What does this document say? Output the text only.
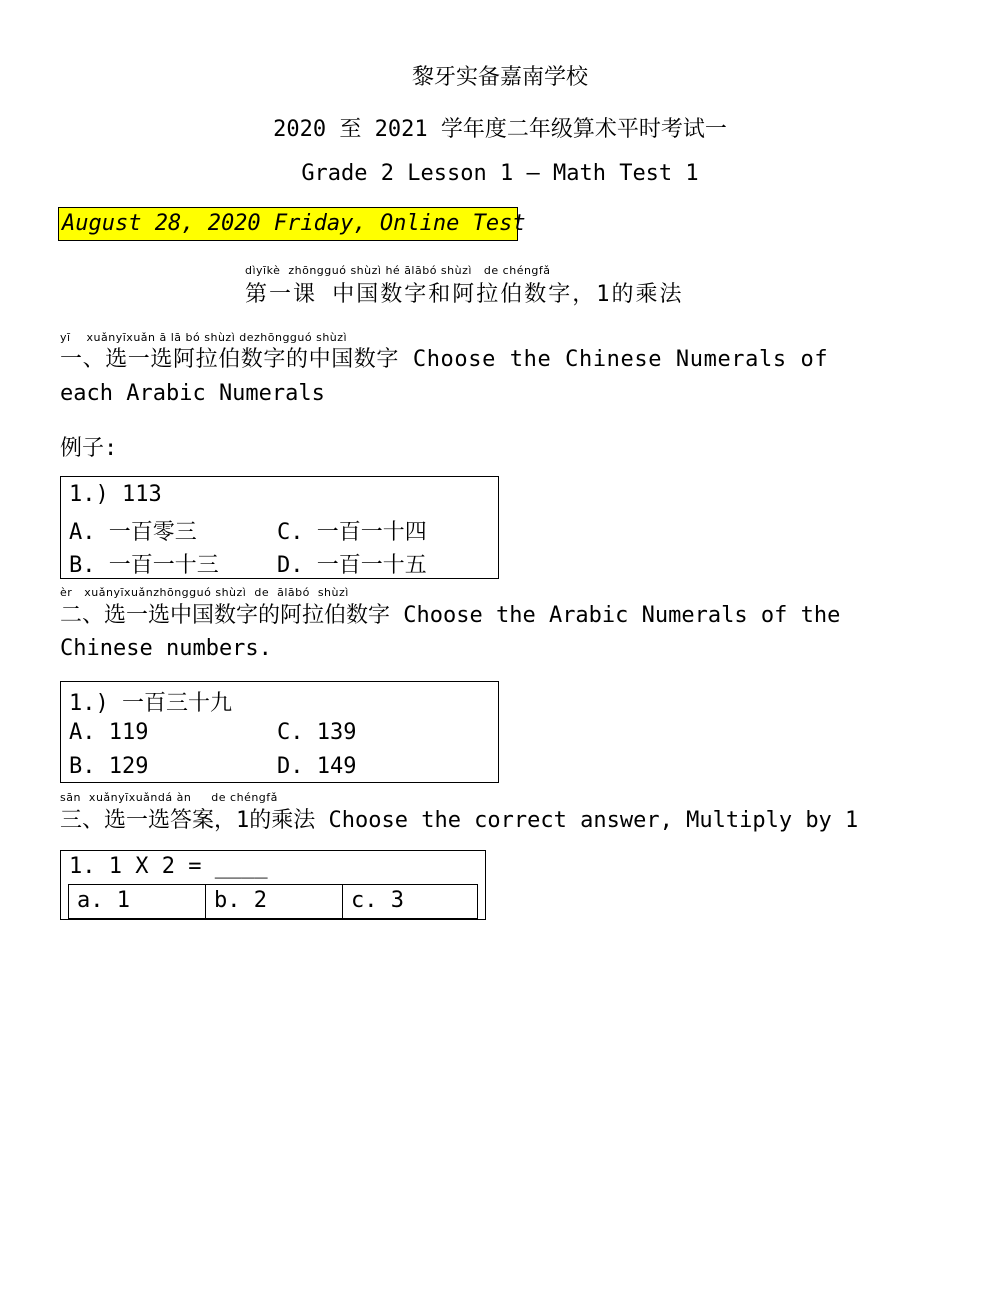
黎牙实备嘉南学校
2020 至 2021 学年度二年级算术平时考试一
Grade 2 Lesson 1 – Math Test 1
August 28, 2020 Friday, Online Test
dìyīkè  zhōngguó shùzì hé ālābó shùzì   de chéngfǎ
第一课 中国数字和阿拉伯数字，1的乘法
yī    xuǎnyīxuǎn ā lā bó shùzì dezhōngguó shùzì
一、选一选阿拉伯数字的中国数字 Choose the Chinese Numerals of
each Arabic Numerals
例子:
1.) 113
A. 一百零三	C. 一百一十四
B. 一百一十三	D. 一百一十五
èr   xuǎnyīxuǎnzhōngguó shùzì  de  ālābó  shùzì
二、选一选中国数字的阿拉伯数字 Choose the Arabic Numerals of the
Chinese numbers.
1.) 一百三十九
A. 119	C. 139
B. 129	D. 149
sān  xuǎnyīxuǎndá àn     de chéngfǎ
三、选一选答案，1的乘法 Choose the correct answer, Multiply by 1
1. 1 X 2 = ____
a. 1	b. 2	c. 3
